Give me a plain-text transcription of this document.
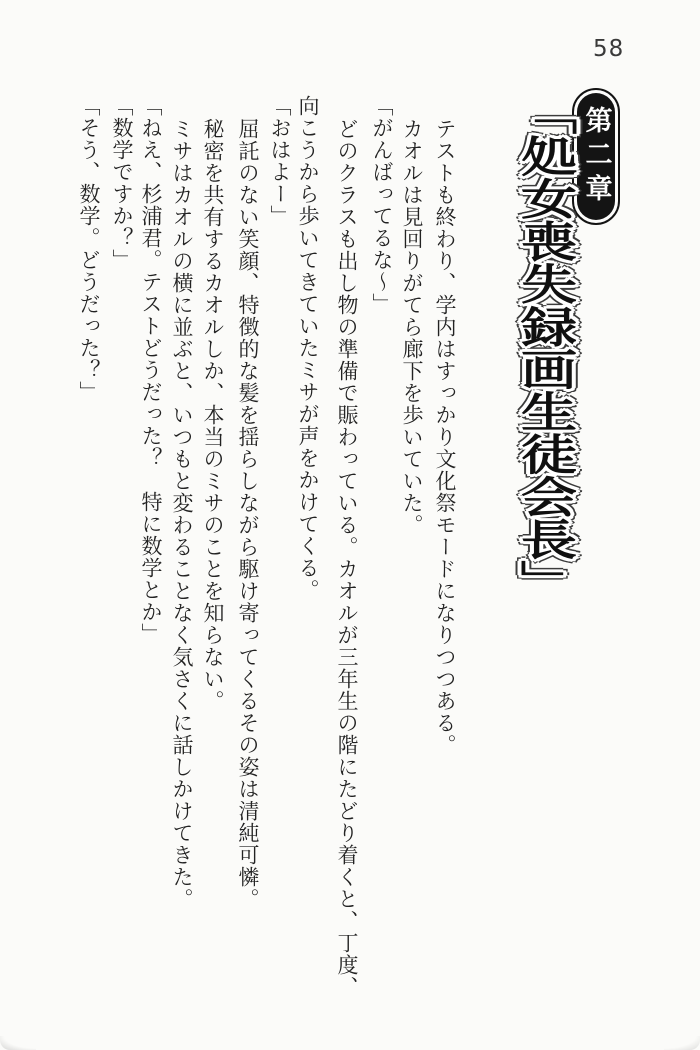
58
第二章
「処女喪失録画生徒会長」
テストも終わり、学内はすっかり文化祭モードになりつつある。
カオルは見回りがてら廊下を歩いていた。
「がんばってるな〜」
どのクラスも出し物の準備で賑わっている。カオルが三年生の階にたどり着くと、丁度、
向こうから歩いてきていたミサが声をかけてくる。
「おはよー」
屈託のない笑顔、特徴的な髪を揺らしながら駆け寄ってくるその姿は清純可憐。
秘密を共有するカオルしか、本当のミサのことを知らない。
ミサはカオルの横に並ぶと、いつもと変わることなく気さくに話しかけてきた。
「ねえ、杉浦君。テストどうだった？　特に数学とか」
「数学ですか？」
「そう、数学。どうだった？」
